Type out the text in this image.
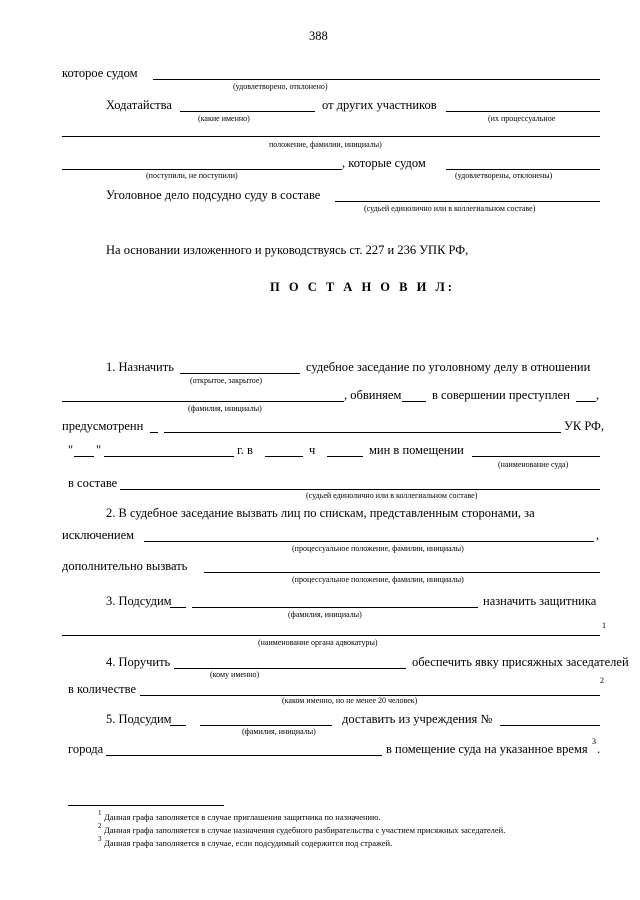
388
которое судом
(удовлетворено, отклонено)
Ходатайства	от других участников
(какие именно)	(их процессуальное
положение, фамилии, инициалы)
, которые судом
(поступили, не поступили)	(удовлетворены, отклонены)
Уголовное дело подсудно суду в составе
(судьей единолично или в коллегиальном составе)
На основании изложенного и руководствуясь ст. 227 и 236 УПК РФ,
П О С Т А Н О В И Л:
1. Назначить	судебное заседание по уголовному делу в отношении
(открытое, закрытое)
, обвиняем в совершении преступлен ,
(фамилия, инициалы)
предусмотренн	УК РФ,
" "	г. в	ч	мин в помещении
(наименование суда)
в составе
(судьей единолично или в коллегиальном составе)
2. В судебное заседание вызвать лиц по спискам, представленным сторонами, за
исключением	,
(процессуальное положение, фамилии, инициалы)
дополнительно вызвать
(процессуальное положение, фамилии, инициалы)
3. Подсудим	назначить защитника
(фамилия, инициалы)
1
(наименование органа адвокатуры)
4. Поручить	обеспечить явку присяжных заседателей
(кому именно)
в количестве
2
(каком именно, но не менее 20 человек)
5. Подсудим	доставить из учреждения №
(фамилия, инициалы)
города	в помещение суда на указанное время
3
.
1 Данная графа заполняется в случае приглашения защитника по назначению.
2 Данная графа заполняется в случае назначения судебного разбирательства с участием присяжных заседателей.
3 Данная графа заполняется в случае, если подсудимый содержится под стражей.
